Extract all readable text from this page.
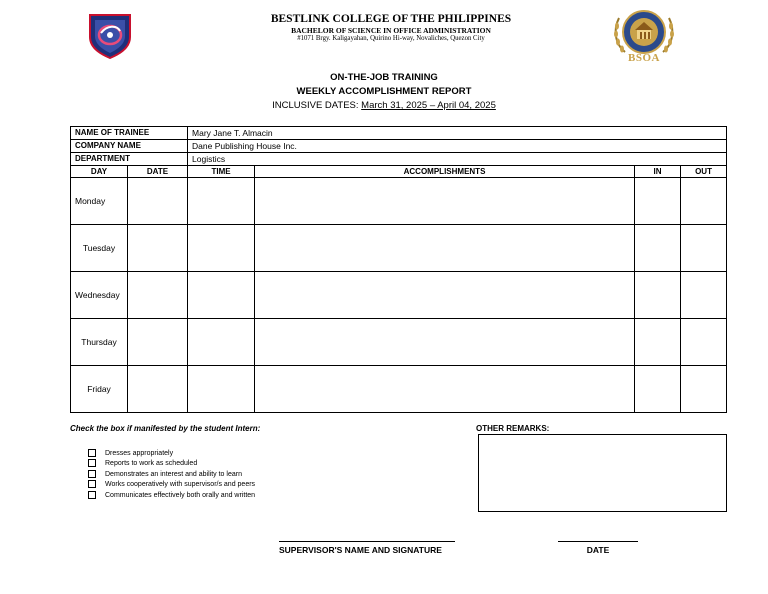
BSOA
BESTLINK COLLEGE OF THE PHILIPPINES
BACHELOR OF SCIENCE IN OFFICE ADMINISTRATION
#1071 Brgy. Kaligayahan, Quirino Hi-way, Novaliches, Quezon City
ON-THE-JOB TRAINING
WEEKLY ACCOMPLISHMENT REPORT
INCLUSIVE DATES: March 31, 2025 – April 04, 2025
NAME OF TRAINEE		Mary Jane T. Almacin			
COMPANY NAME		Dane Publishing House Inc.			
DEPARTMENT		Logistics			
DAY	DATE	TIME	ACCOMPLISHMENTS	IN	OUT
Monday					
Tuesday					
Wednesday					
Thursday					
Friday					
Check the box if manifested by the student Intern:
Dresses appropriately
Reports to work as scheduled
Demonstrates an interest and ability to learn
Works cooperatively with supervisor/s and peers
Communicates effectively both orally and written
OTHER REMARKS:
SUPERVISOR'S NAME AND SIGNATURE	DATE
